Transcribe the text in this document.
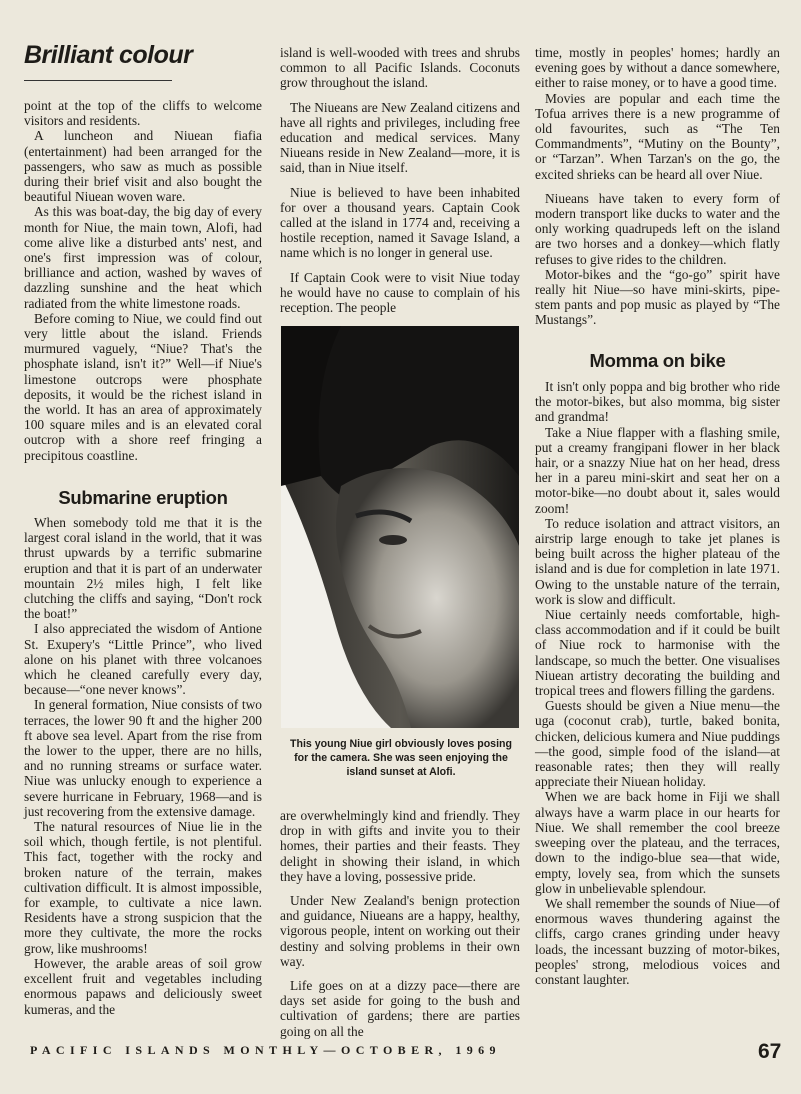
Brilliant colour

point at the top of the cliffs to welcome visitors and residents.

A luncheon and Niuean fiafia (entertainment) had been arranged for the passengers, who saw as much as possible during their brief visit and also bought the beautiful Niuean woven ware.

As this was boat-day, the big day of every month for Niue, the main town, Alofi, had come alive like a disturbed ants' nest, and one's first impression was of colour, brilliance and action, washed by waves of dazzling sunshine and the heat which radiated from the white limestone roads.

Before coming to Niue, we could find out very little about the island. Friends murmured vaguely, “Niue? That's the phosphate island, isn't it?” Well—if Niue's limestone outcrops were phosphate deposits, it would be the richest island in the world. It has an area of approximately 100 square miles and is an elevated coral outcrop with a shore reef fringing a precipitous coastline.

Submarine eruption

When somebody told me that it is the largest coral island in the world, that it was thrust upwards by a terrific submarine eruption and that it is part of an underwater mountain 2½ miles high, I felt like clutching the cliffs and saying, “Don't rock the boat!”

I also appreciated the wisdom of Antione St. Exupery's “Little Prince”, who lived alone on his planet with three volcanoes which he cleaned carefully every day, because—“one never knows”.

In general formation, Niue consists of two terraces, the lower 90 ft and the higher 200 ft above sea level. Apart from the rise from the lower to the upper, there are no hills, and no running streams or surface water. Niue was unlucky enough to experience a severe hurricane in February, 1968—and is just recovering from the extensive damage.

The natural resources of Niue lie in the soil which, though fertile, is not plentiful. This fact, together with the rocky and broken nature of the terrain, makes cultivation difficult. It is almost impossible, for example, to cultivate a nice lawn. Residents have a strong suspicion that the more they cultivate, the more the rocks grow, like mushrooms!

However, the arable areas of soil grow excellent fruit and vegetables including enormous papaws and deliciously sweet kumeras, and the

island is well-wooded with trees and shrubs common to all Pacific Islands. Coconuts grow throughout the island.

The Niueans are New Zealand citizens and have all rights and privileges, including free education and medical services. Many Niueans reside in New Zealand—more, it is said, than in Niue itself.

Niue is believed to have been inhabited for over a thousand years. Captain Cook called at the island in 1774 and, receiving a hostile reception, named it Savage Island, a name which is no longer in general use.

If Captain Cook were to visit Niue today he would have no cause to complain of his reception. The people

are overwhelmingly kind and friendly. They drop in with gifts and invite you to their homes, their parties and their feasts. They delight in showing their island, in which they have a loving, possessive pride.

Under New Zealand's benign protection and guidance, Niueans are a happy, healthy, vigorous people, intent on working out their destiny and solving problems in their own way.

Life goes on at a dizzy pace—there are days set aside for going to the bush and cultivation of gardens; there are parties going on all the

This young Niue girl obviously loves posing for the camera. She was seen enjoying the island sunset at Alofi.

time, mostly in peoples' homes; hardly an evening goes by without a dance somewhere, either to raise money, or to have a good time.

Movies are popular and each time the Tofua arrives there is a new programme of old favourites, such as “The Ten Commandments”, “Mutiny on the Bounty”, or “Tarzan”. When Tarzan's on the go, the excited shrieks can be heard all over Niue.

Niueans have taken to every form of modern transport like ducks to water and the only working quadrupeds left on the island are two horses and a donkey—which flatly refuses to give rides to the children.

Motor-bikes and the “go-go” spirit have really hit Niue—so have mini-skirts, pipe-stem pants and pop music as played by “The Mustangs”.

Momma on bike

It isn't only poppa and big brother who ride the motor-bikes, but also momma, big sister and grandma!

Take a Niue flapper with a flashing smile, put a creamy frangipani flower in her black hair, or a snazzy Niue hat on her head, dress her in a pareu mini-skirt and seat her on a motor-bike—no doubt about it, sales would zoom!

To reduce isolation and attract visitors, an airstrip large enough to take jet planes is being built across the higher plateau of the island and is due for completion in late 1971. Owing to the unstable nature of the terrain, work is slow and difficult.

Niue certainly needs comfortable, high-class accommodation and if it could be built of Niue rock to harmonise with the landscape, so much the better. One visualises Niuean artistry decorating the building and tropical trees and flowers filling the gardens.

Guests should be given a Niue menu—the uga (coconut crab), turtle, baked bonita, chicken, delicious kumera and Niue puddings—the good, simple food of the island—at reasonable rates; then they will really appreciate their Niuean holiday.

When we are back home in Fiji we shall always have a warm place in our hearts for Niue. We shall remember the cool breeze sweeping over the plateau, and the terraces, down to the indigo-blue sea—that wide, empty, lovely sea, from which the sunsets glow in unbelievable splendour.

We shall remember the sounds of Niue—of enormous waves thundering against the cliffs, cargo cranes grinding under heavy loads, the incessant buzzing of motor-bikes, peoples' strong, melodious voices and constant laughter.

PACIFIC ISLANDS MONTHLY—OCTOBER, 1969	67
